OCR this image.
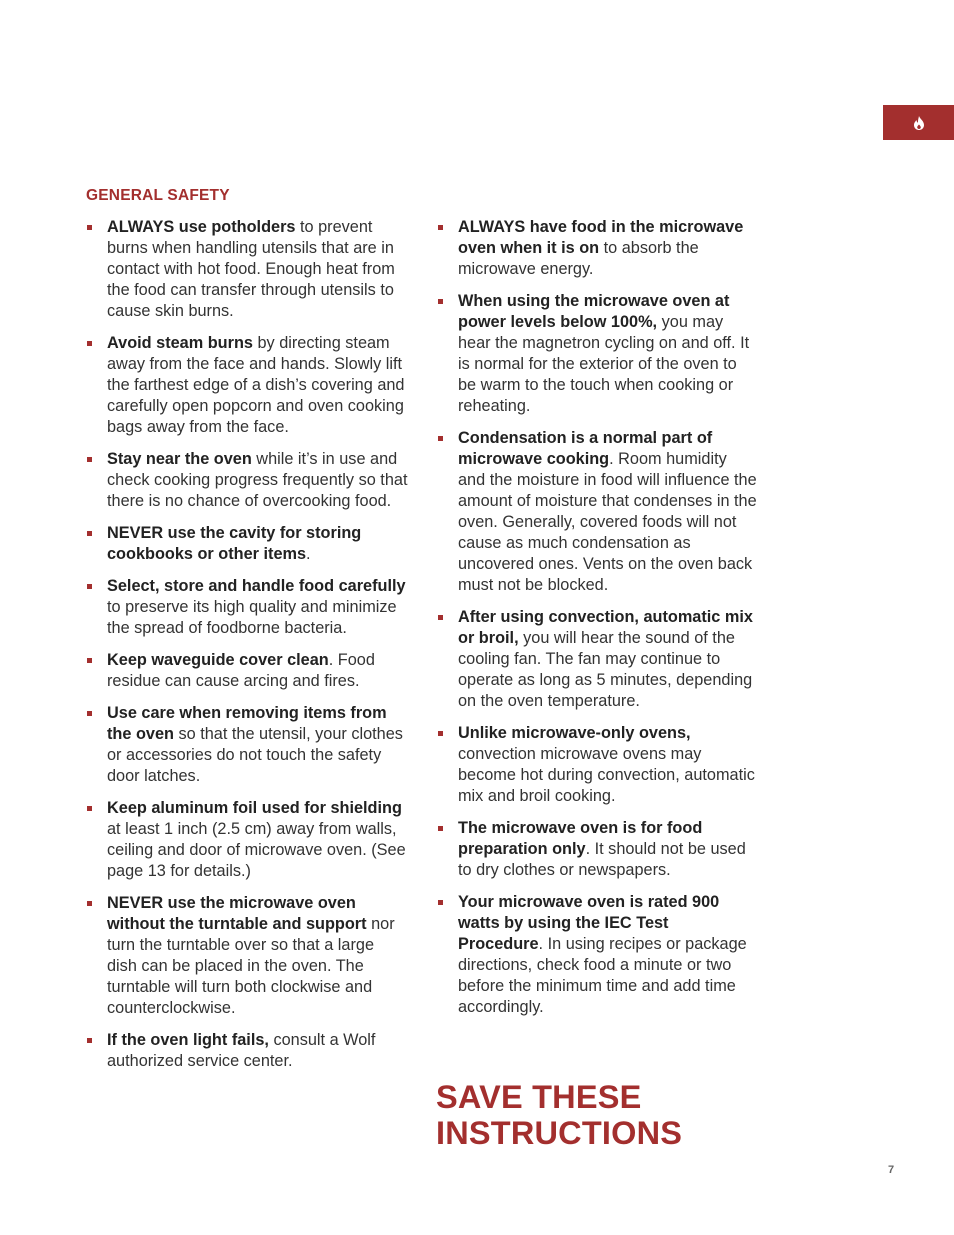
GENERAL SAFETY
ALWAYS use potholders to prevent burns when handling utensils that are in contact with hot food. Enough heat from the food can transfer through utensils to cause skin burns.
Avoid steam burns by directing steam away from the face and hands. Slowly lift the farthest edge of a dish’s covering and carefully open popcorn and oven cooking bags away from the face.
Stay near the oven while it’s in use and check cooking progress frequently so that there is no chance of overcooking food.
NEVER use the cavity for storing cookbooks or other items.
Select, store and handle food carefully to preserve its high quality and minimize the spread of foodborne bacteria.
Keep waveguide cover clean. Food residue can cause arcing and fires.
Use care when removing items from the oven so that the utensil, your clothes or accessories do not touch the safety door latches.
Keep aluminum foil used for shielding at least 1 inch (2.5 cm) away from walls, ceiling and door of microwave oven. (See page 13 for details.)
NEVER use the microwave oven without the turntable and support nor turn the turntable over so that a large dish can be placed in the oven. The turntable will turn both clockwise and counterclockwise.
If the oven light fails, consult a Wolf authorized service center.
ALWAYS have food in the microwave oven when it is on to absorb the microwave energy.
When using the microwave oven at power levels below 100%, you may hear the magnetron cycling on and off. It is normal for the exterior of the oven to be warm to the touch when cooking or reheating.
Condensation is a normal part of microwave cooking. Room humidity and the moisture in food will influence the amount of moisture that condenses in the oven. Generally, covered foods will not cause as much condensation as uncovered ones. Vents on the oven back must not be blocked.
After using convection, automatic mix or broil, you will hear the sound of the cooling fan. The fan may continue to operate as long as 5 minutes, depending on the oven temperature.
Unlike microwave-only ovens, convection microwave ovens may become hot during convection, automatic mix and broil cooking.
The microwave oven is for food preparation only. It should not be used to dry clothes or newspapers.
Your microwave oven is rated 900 watts by using the IEC Test Procedure. In using recipes or package directions, check food a minute or two before the minimum time and add time accordingly.
SAVE THESE
INSTRUCTIONS
7
